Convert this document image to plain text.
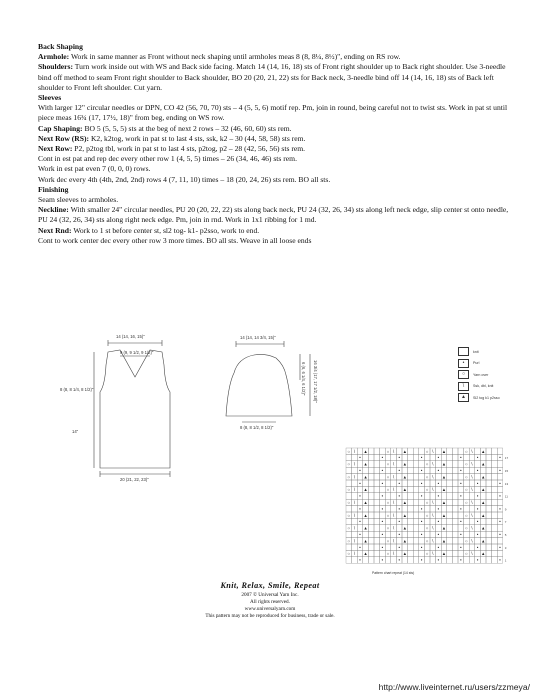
Back Shaping

Armhole: Work in same manner as Front without neck shaping until armholes meas 8 (8, 8¼, 8½)", ending on RS row.

Shoulders: Turn work inside out with WS and Back side facing. Match 14 (14, 16, 18) sts of Front right shoulder up to Back right shoulder. Use 3-needle bind off method to seam Front right shoulder to Back shoulder, BO 20 (20, 21, 22) sts for Back neck, 3-needle bind off 14 (14, 16, 18) sts of Back left shoulder to Front left shoulder. Cut yarn.

Sleeves

With larger 12" circular needles or DPN, CO 42 (56, 70, 70) sts – 4 (5, 5, 6) motif rep. Pm, join in round, being careful not to twist sts. Work in pat st until piece meas 16¾ (17, 17½, 18)" from beg, ending on WS row.

Cap Shaping: BO 5 (5, 5, 5) sts at the beg of next 2 rows – 32 (46, 60, 60) sts rem.

Next Row (RS): K2, k2tog, work in pat st to last 4 sts, ssk, k2 – 30 (44, 58, 58) sts rem.

Next Row: P2, p2tog tbl, work in pat st to last 4 sts, p2tog, p2 – 28 (42, 56, 56) sts rem.

Cont in est pat and rep dec every other row 1 (4, 5, 5) times – 26 (34, 46, 46) sts rem.

Work in est pat even 7 (0, 0, 0) rows.

Work dec every 4th (4th, 2nd, 2nd) rows 4 (7, 11, 10) times – 18 (20, 24, 26) sts rem. BO all sts.

Finishing

Seam sleeves to armholes.

Neckline: With smaller 24" circular needles, PU 20 (20, 22, 22) sts along back neck, PU 24 (32, 26, 34) sts along left neck edge, slip center st onto needle, PU 24 (32, 26, 34) sts along right neck edge. Pm, join in rnd. Work in 1x1 ribbing for 1 md.

Next Rnd: Work to 1 st before center st, sl2 tog- k1- p2sso, work to end.

Cont to work center dec every other row 3 more times. BO all sts. Weave in all loose ends

14 (14, 16, 15)"
9 (9, 9 1/2, 9 1/2)"
8 (8, 8 1/4, 8 1/2)"
14"
20 (21, 22, 23)"
14 (14, 14 3/4, 15)"
6 (6, 6 1/4, 6 1/2)" 16 3/4 (17, 17 1/2, 18)"
8 (8, 8 1/2, 8 1/2)"
knit
•	Purl
○	Yarn over
\	Ssk, dbl, knit
▲	Sl2 tog k1 p2sso
○ \ ▲	○ \ ▲	○ \ ▲	○ \ ▲
•	•	•	•	•	•	•	• 17
○ \ ▲	○ \ ▲	○ \ ▲	○ \ ▲
•	•	•	•	•	•	•	• 15
○ \ ▲	○ \ ▲	○ \ ▲	○ \ ▲
•	•	•	•	•	•	•	• 13
○ \ ▲	○ \ ▲	○ \ ▲	○ \ ▲
•	•	•	•	•	•	•	• 11
○ \ ▲	○ \ ▲	○ \ ▲	○ \ ▲
•	•	•	•	•	•	•	• 9
○ \ ▲	○ \ ▲	○ \ ▲	○ \ ▲
•	•	•	•	•	•	•	• 7
○ \ ▲	○ \ ▲	○ \ ▲	○ \ ▲
•	•	•	•	•	•	•	• 5
○ \ ▲	○ \ ▲	○ \ ▲	○ \ ▲
•	•	•	•	•	•	•	• 3
○ \ ▲	○ \ ▲	○ \ ▲	○ \ ▲
•	•	•	•	•	•	•	• 1
Pattern chart repeat (14 sts)
Knit, Relax, Smile, Repeat
2007 © Universal Yarn Inc.
All rights reserved.
www.universalyarn.com
This pattern may not be reproduced for business, trade or sale.
http://www.liveinternet.ru/users/zzmeya/
